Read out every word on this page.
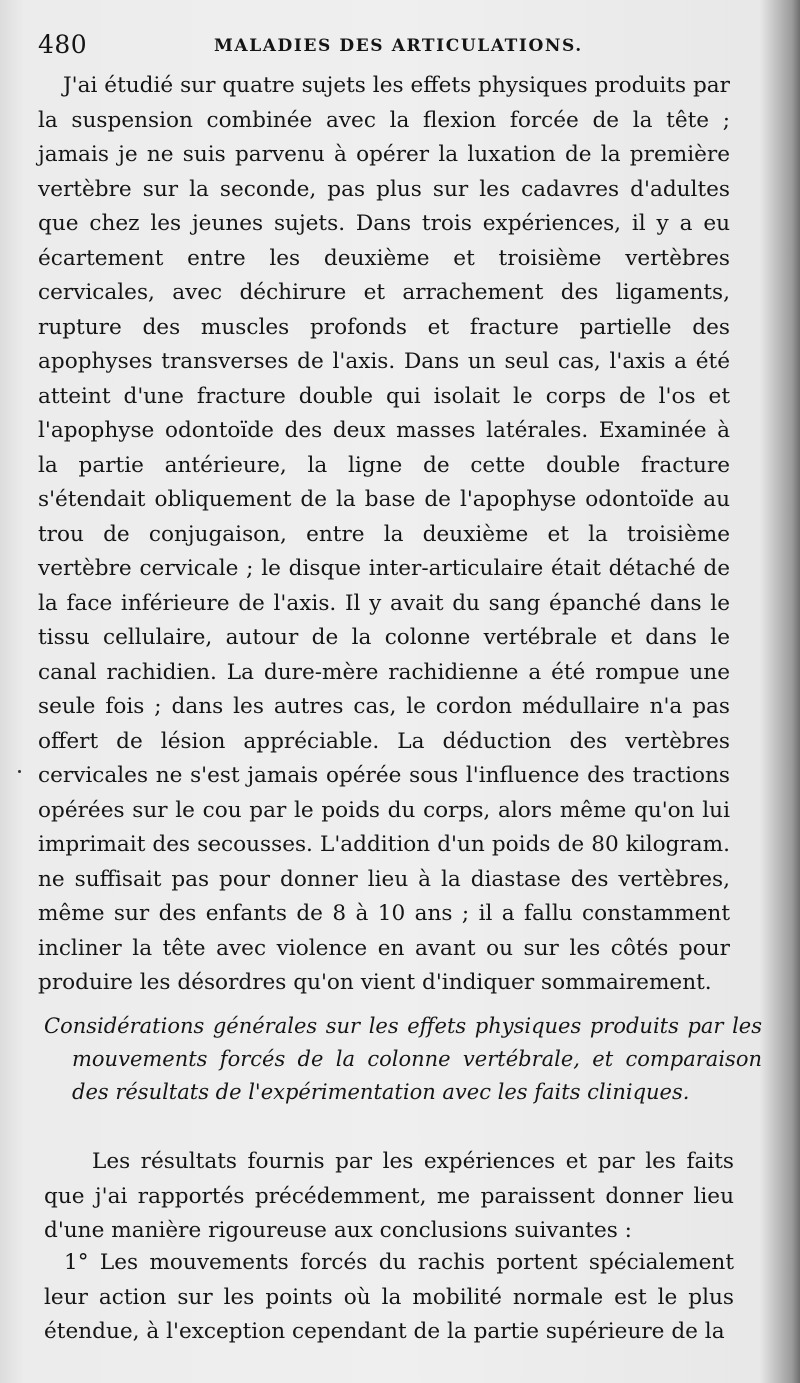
480	MALADIES DES ARTICULATIONS.
J'ai étudié sur quatre sujets les effets physiques produits par la suspension combinée avec la flexion forcée de la tête ; jamais je ne suis parvenu à opérer la luxation de la première vertèbre sur la seconde, pas plus sur les cadavres d'adultes que chez les jeunes sujets. Dans trois expériences, il y a eu écartement entre les deuxième et troisième vertèbres cervicales, avec déchirure et arrachement des ligaments, rupture des muscles profonds et fracture partielle des apophyses transverses de l'axis. Dans un seul cas, l'axis a été atteint d'une fracture double qui isolait le corps de l'os et l'apophyse odontoïde des deux masses latérales. Examinée à la partie antérieure, la ligne de cette double fracture s'étendait obliquement de la base de l'apophyse odontoïde au trou de conjugaison, entre la deuxième et la troisième vertèbre cervicale ; le disque inter-articulaire était détaché de la face inférieure de l'axis. Il y avait du sang épanché dans le tissu cellulaire, autour de la colonne vertébrale et dans le canal rachidien. La dure-mère rachidienne a été rompue une seule fois ; dans les autres cas, le cordon médullaire n'a pas offert de lésion appréciable. La déduction des vertèbres cervicales ne s'est jamais opérée sous l'influence des tractions opérées sur le cou par le poids du corps, alors même qu'on lui imprimait des secousses. L'addition d'un poids de 80 kilogram. ne suffisait pas pour donner lieu à la diastase des vertèbres, même sur des enfants de 8 à 10 ans ; il a fallu constamment incliner la tête avec violence en avant ou sur les côtés pour produire les désordres qu'on vient d'indiquer sommairement.
Considérations générales sur les effets physiques produits par les mouvements forcés de la colonne vertébrale, et comparaison des résultats de l'expérimentation avec les faits cliniques.
Les résultats fournis par les expériences et par les faits que j'ai rapportés précédemment, me paraissent donner lieu d'une manière rigoureuse aux conclusions suivantes :
1° Les mouvements forcés du rachis portent spécialement leur action sur les points où la mobilité normale est le plus étendue, à l'exception cependant de la partie supérieure de la
